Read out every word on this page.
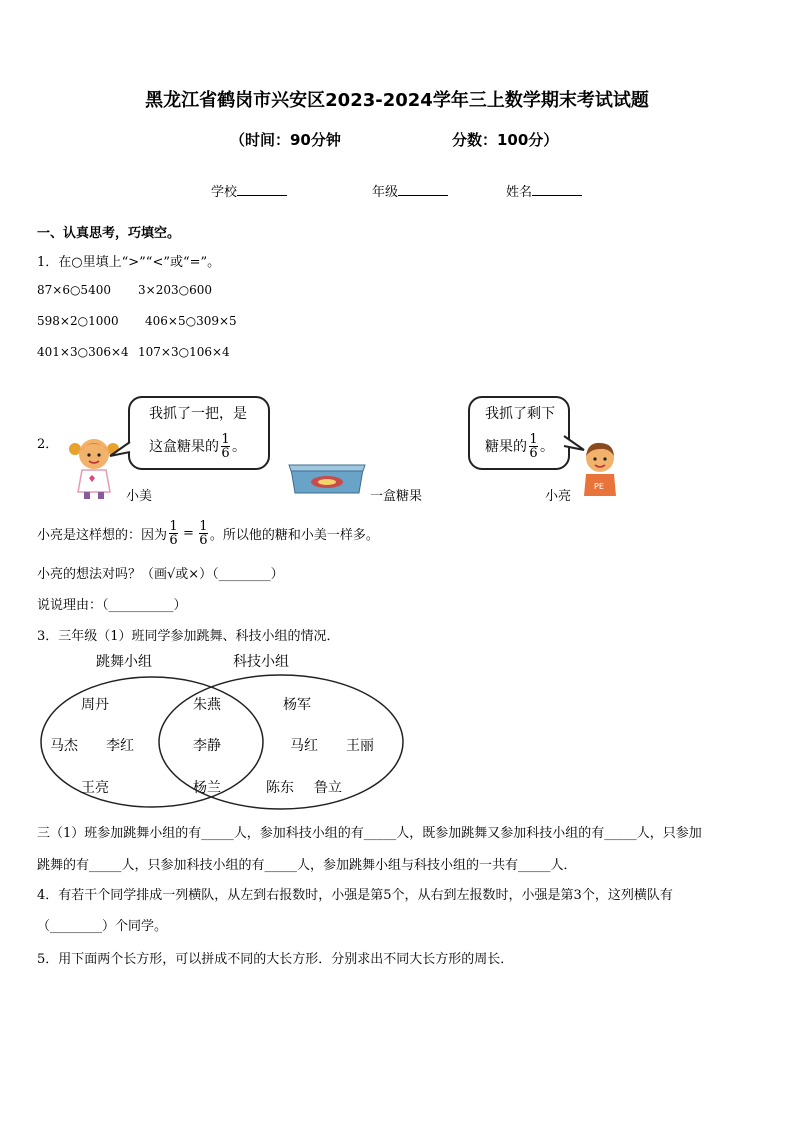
黑龙江省鹤岗市兴安区2023-2024学年三上数学期末考试试题
（时间：90分钟	分数：100分）
学校	年级	姓名
一、认真思考，巧填空。
1．在○里填上“>”“<”或“=”。
87×6○5400 3×203○600
598×2○1000 406×5○309×5
401×3○306×4 107×3○106×4
2．
我抓了一把，是
这盒糖果的 $\frac{1}{6}$ 。
一盒糖果
小美
我抓了剩下
糖果的 $\frac{1}{6}$ 。
PE
小亮
小亮是这样想的：因为 $\frac{1}{6} = \frac{1}{6}$ 。所以他的糖和小美一样多。
小亮的想法对吗？（画√或×）（________）
说说理由：（__________）
3．三年级（1）班同学参加跳舞、科技小组的情况．
跳舞小组	科技小组
周丹
马杰 李红
王亮
朱燕
李静
杨兰
杨军
马红 王丽
陈东 鲁立
三（1）班参加跳舞小组的有_____人，参加科技小组的有_____人，既参加跳舞又参加科技小组的有_____人，只参加
跳舞的有_____人，只参加科技小组的有_____人，参加跳舞小组与科技小组的一共有_____人．
4．有若干个同学排成一列横队，从左到右报数时，小强是第5个，从右到左报数时，小强是第3个，这列横队有
（________）个同学。
5．用下面两个长方形，可以拼成不同的大长方形．分别求出不同大长方形的周长．
